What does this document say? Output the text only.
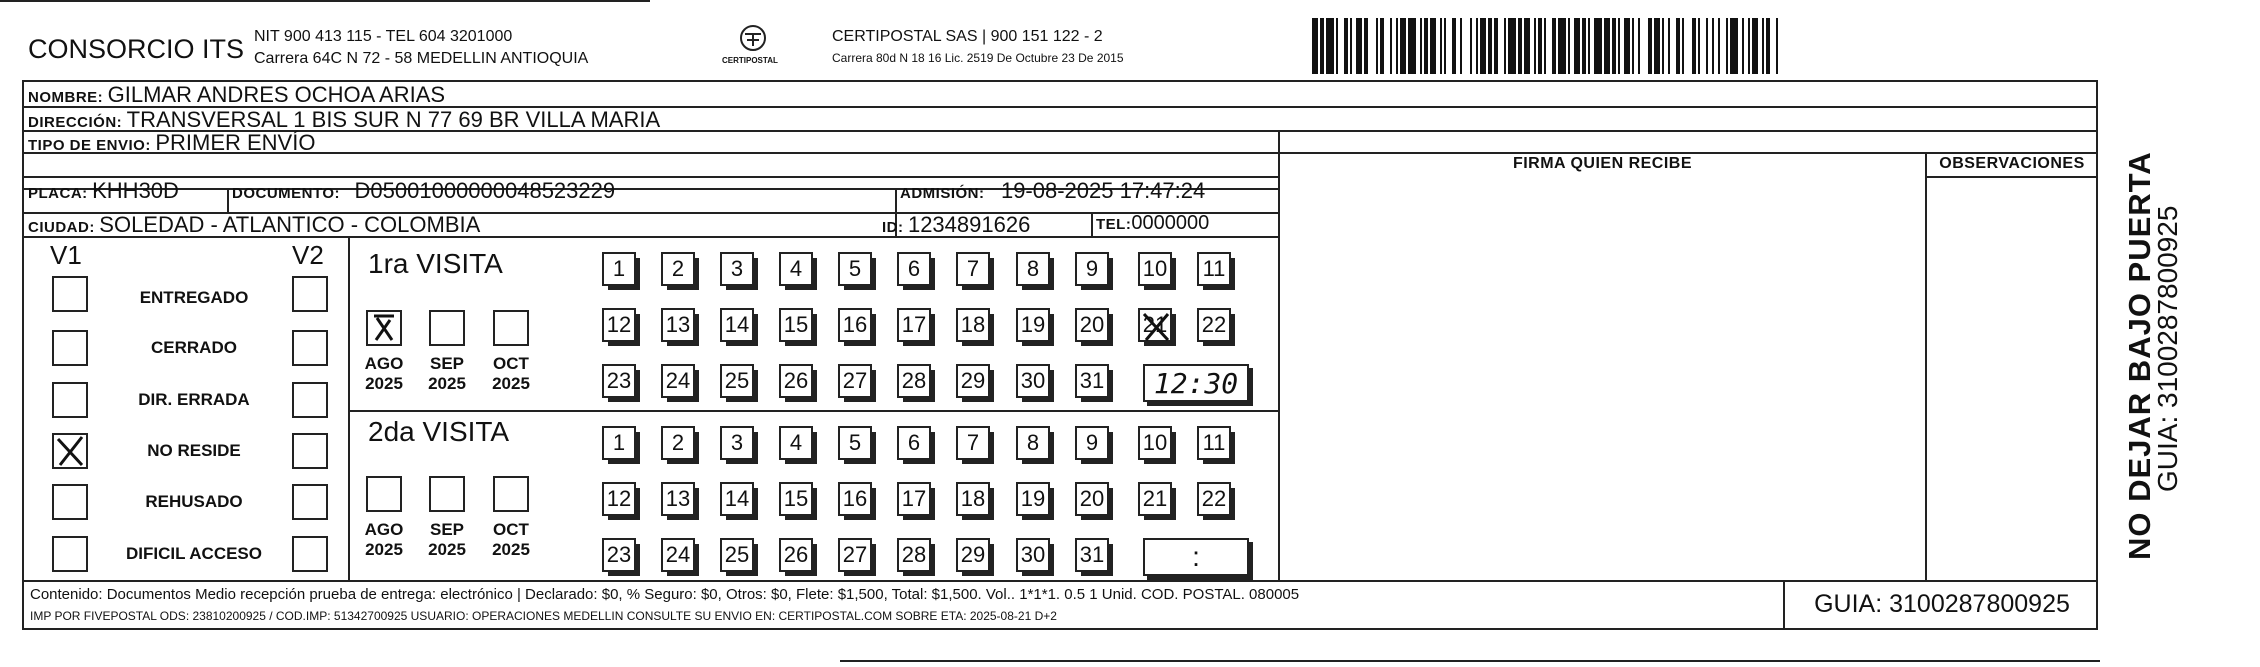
CONSORCIO ITS NIT 900 413 115 - TEL 604 3201000
Carrera 64C N 72 - 58 MEDELLIN ANTIOQUIA	CERTIPOSTAL
CERTIPOSTAL SAS | 900 151 122 - 2
Carrera 80d N 18 16 Lic. 2519 De Octubre 23 De 2015
NOMBRE: GILMAR ANDRES OCHOA ARIAS
DIRECCIÓN: TRANSVERSAL 1 BIS SUR N 77 69 BR VILLA MARIA
TIPO DE ENVIO: PRIMER ENVÍO
PLACA: KHH30D	DOCUMENTO: D05001000000048523229	ADMISIÓN: 19-08-2025 17:47:24
CIUDAD: SOLEDAD - ATLANTICO - COLOMBIA	ID: 1234891626	TEL:0000000
FIRMA QUIEN RECIBE	OBSERVACIONES
V1	V2
ENTREGADO
CERRADO
DIR. ERRADA
NO RESIDE
REHUSADO
DIFICIL ACCESO
1ra VISITA
AGO
2025
SEP
2025
OCT
2025
1 2 3 4 5 6 7 8 9 10 11
12 13 14 15 16 17 18 19 20 21 22
23 24 25 26 27 28 29 30 31 12:30
2da VISITA
AGO
2025
SEP
2025
OCT
2025
1 2 3 4 5 6 7 8 9 10 11
12 13 14 15 16 17 18 19 20 21 22
23 24 25 26 27 28 29 30 31	:
Contenido: Documentos Medio recepción prueba de entrega: electrónico | Declarado: $0, % Seguro: $0, Otros: $0, Flete: $1,500, Total: $1,500. Vol.. 1*1*1. 0.5 1 Unid. COD. POSTAL. 080005
IMP POR FIVEPOSTAL ODS: 23810200925 / COD.IMP: 51342700925 USUARIO: OPERACIONES MEDELLIN CONSULTE SU ENVIO EN: CERTIPOSTAL.COM SOBRE ETA: 2025-08-21 D+2	GUIA: 3100287800925
NO DEJAR BAJO PUERTA
GUIA: 3100287800925
